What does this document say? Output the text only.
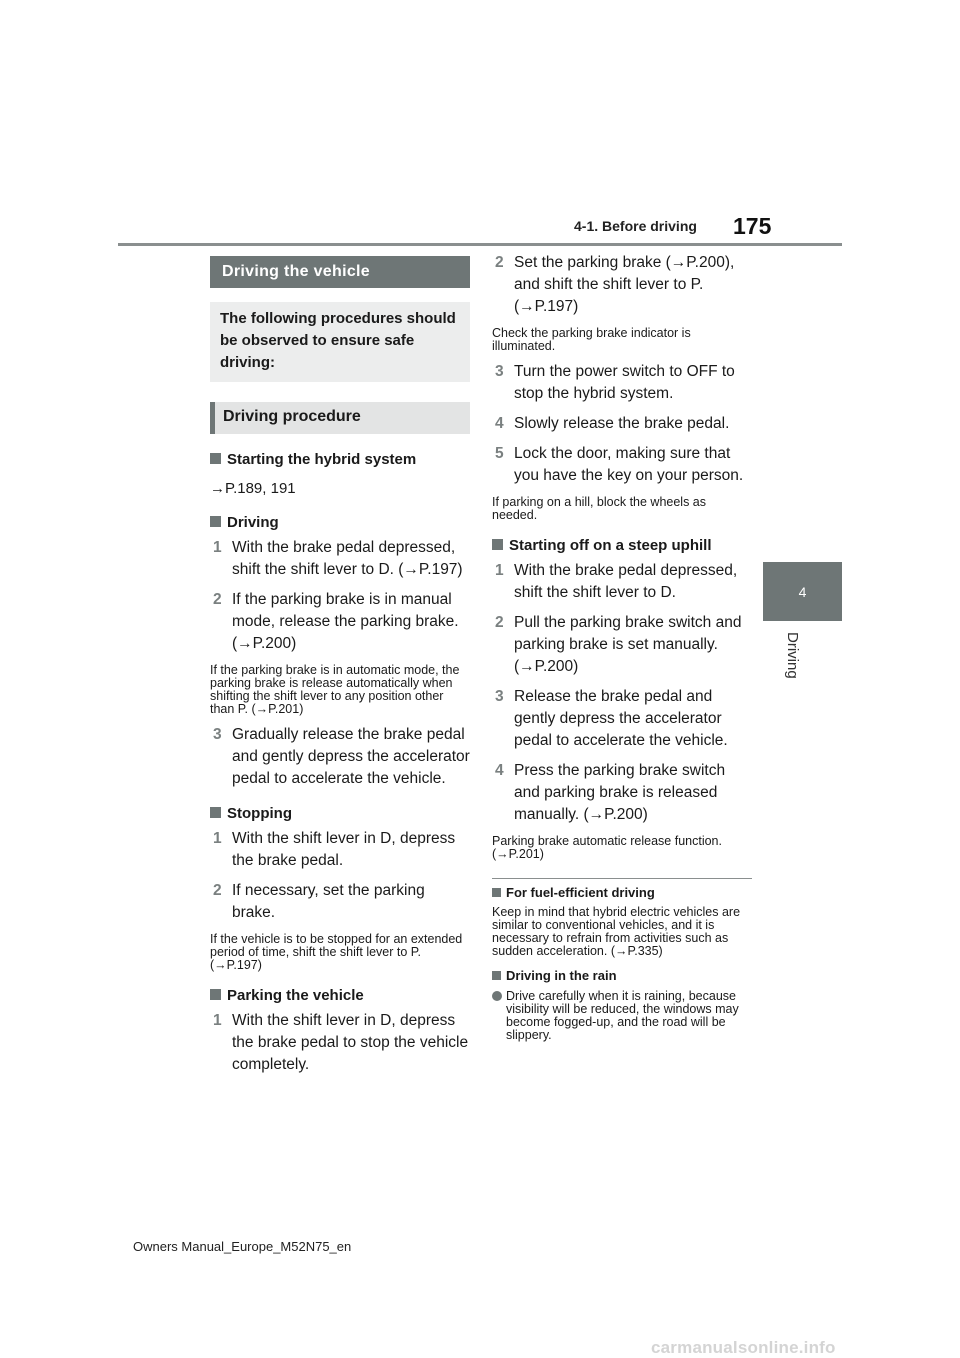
4-1. Before driving 175
4
Driving
Driving the vehicle
The following procedures should be observed to ensure safe driving:
Driving procedure
Starting the hybrid system
→P.189, 191
Driving
1 With the brake pedal depressed, shift the shift lever to D. (→P.197)
2 If the parking brake is in manual mode, release the parking brake. (→P.200)
If the parking brake is in automatic mode, the parking brake is release automatically when shifting the shift lever to any position other than P. (→P.201)
3 Gradually release the brake pedal and gently depress the accelerator pedal to accelerate the vehicle.
Stopping
1 With the shift lever in D, depress the brake pedal.
2 If necessary, set the parking brake.
If the vehicle is to be stopped for an extended period of time, shift the shift lever to P. (→P.197)
Parking the vehicle
1 With the shift lever in D, depress the brake pedal to stop the vehicle completely.
2 Set the parking brake (→P.200), and shift the shift lever to P. (→P.197)
Check the parking brake indicator is illuminated.
3 Turn the power switch to OFF to stop the hybrid system.
4 Slowly release the brake pedal.
5 Lock the door, making sure that you have the key on your person.
If parking on a hill, block the wheels as needed.
Starting off on a steep uphill
1 With the brake pedal depressed, shift the shift lever to D.
2 Pull the parking brake switch and parking brake is set manually. (→P.200)
3 Release the brake pedal and gently depress the accelerator pedal to accelerate the vehicle.
4 Press the parking brake switch and parking brake is released manually. (→P.200)
Parking brake automatic release function. (→P.201)
For fuel-efficient driving
Keep in mind that hybrid electric vehicles are similar to conventional vehicles, and it is necessary to refrain from activities such as sudden acceleration. (→P.335)
Driving in the rain
Drive carefully when it is raining, because visibility will be reduced, the windows may become fogged-up, and the road will be slippery.
Owners Manual_Europe_M52N75_en
carmanualsonline.info
